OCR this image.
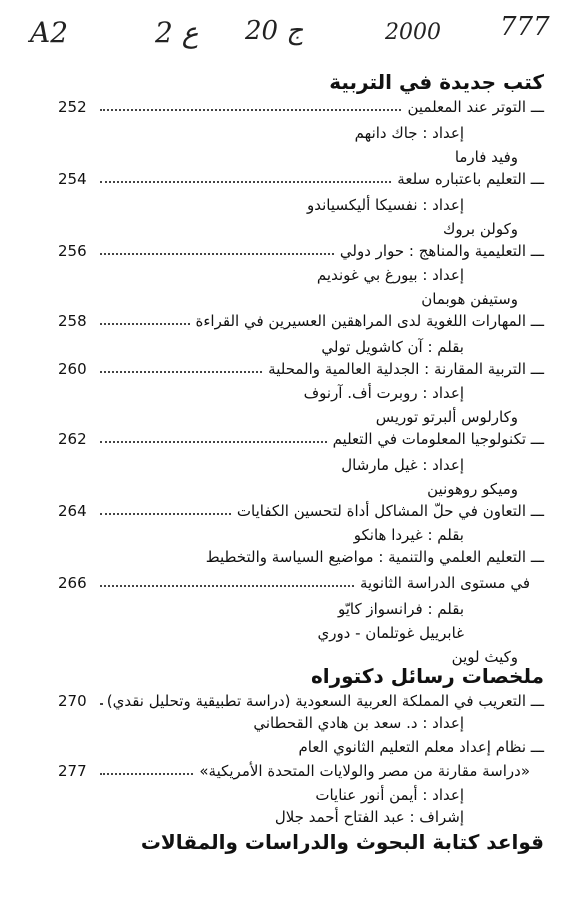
A2	2 ع 20 ج	2000 777
كتب جديدة في التربية
ـــ التوتر عند المعلمين
252
إعداد : جاك دانهم
وفيد فارما
ـــ التعليم باعتباره سلعة
254
إعداد : نفسيكا أليكسياندو
وكولن بروك
ـــ التعليمية والمناهج : حوار دولي
256
إعداد : بيورغ بي غونديم
وستيفن هوبمان
ـــ المهارات اللغوية لدى المراهقين العسيرين في القراءة
258
بقلم : آن كاشويل تولي
ـــ التربية المقارنة : الجدلية العالمية والمحلية
260
إعداد : روبرت أف. آرنوف
وكارلوس ألبرتو توريس
ـــ تكنولوجيا المعلومات في التعليم
262
إعداد : غيل مارشال
وميكو روهونين
ـــ التعاون في حلّ المشاكل أداة لتحسين الكفايات
264
بقلم : غيردا هانكو
ـــ التعليم العلمي والتنمية : مواضيع السياسة والتخطيط
في مستوى الدراسة الثانوية
266
بقلم : فرانسواز كايّو
غابرييل غوتلمان - دوري
وكيث لوين
ملخصات رسائل دكتوراه
ـــ التعريب في المملكة العربية السعودية (دراسة تطبيقية وتحليل نقدي)
270
إعداد : د. سعد بن هادي القحطاني
ـــ نظام إعداد معلم التعليم الثانوي العام
«دراسة مقارنة من مصر والولايات المتحدة الأمريكية»
277
إعداد : أيمن أنور عنايات
إشراف : عبد الفتاح أحمد جلال
قواعد كتابة البحوث والدراسات والمقالات
